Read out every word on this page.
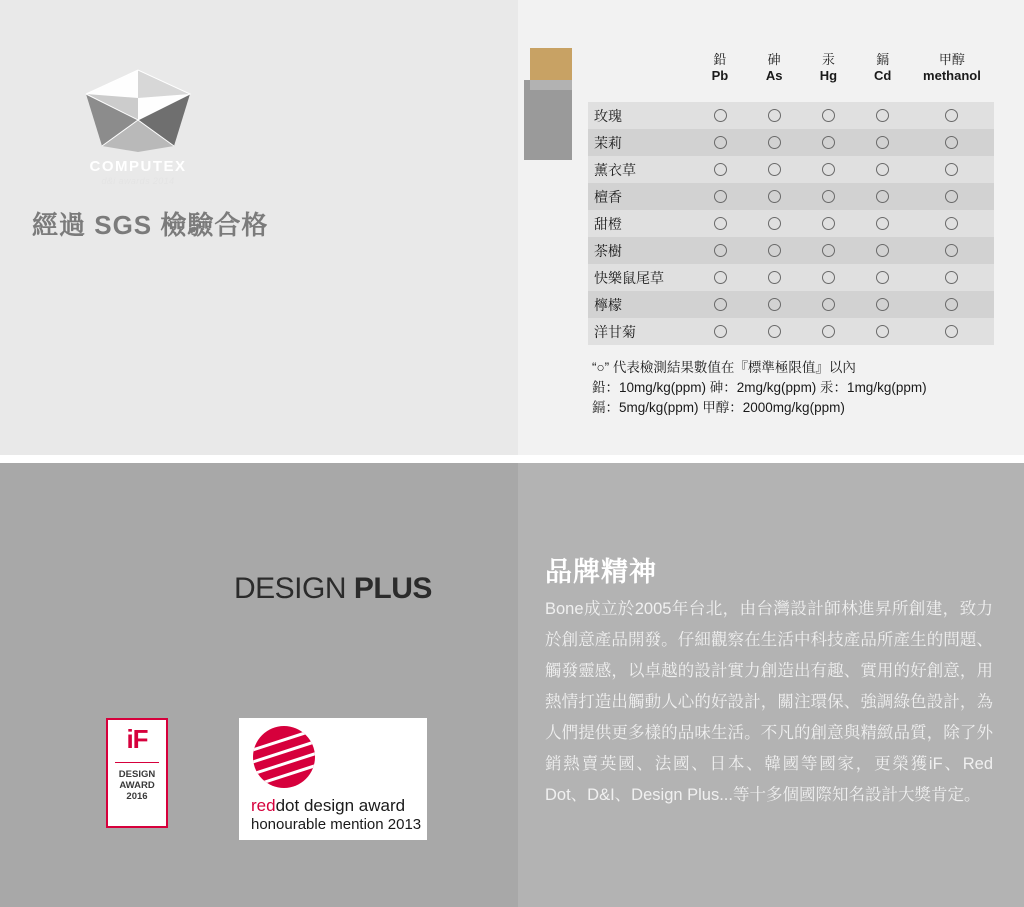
經過 SGS 檢驗合格
鉛
Pb
砷
As
汞
Hg
鎘
Cd
甲醇
methanol
玫瑰
茉莉
薰衣草
檀香
甜橙
茶樹
快樂鼠尾草
檸檬
洋甘菊
“○” 代表檢測結果數值在『標準極限值』以內
鉛：10mg/kg(ppm) 砷：2mg/kg(ppm) 汞：1mg/kg(ppm)
鎘：5mg/kg(ppm) 甲醇：2000mg/kg(ppm)
COMPUTEX
d&i awards 2014
DESIGN PLUS
iF
DESIGN
AWARD
2016	reddot design award
honourable mention 2013
品牌精神
Bone成立於2005年台北，由台灣設計師林進昇所創建，致力於創意產品開發。仔細觀察在生活中科技產品所產生的問題、觸發靈感，以卓越的設計實力創造出有趣、實用的好創意，用熱情打造出觸動人心的好設計，關注環保、強調綠色設計，為人們提供更多樣的品味生活。不凡的創意與精緻品質，除了外銷熱賣英國、法國、日本、韓國等國家，更榮獲iF、Red Dot、D&I、Design Plus...等十多個國際知名設計大獎肯定。
